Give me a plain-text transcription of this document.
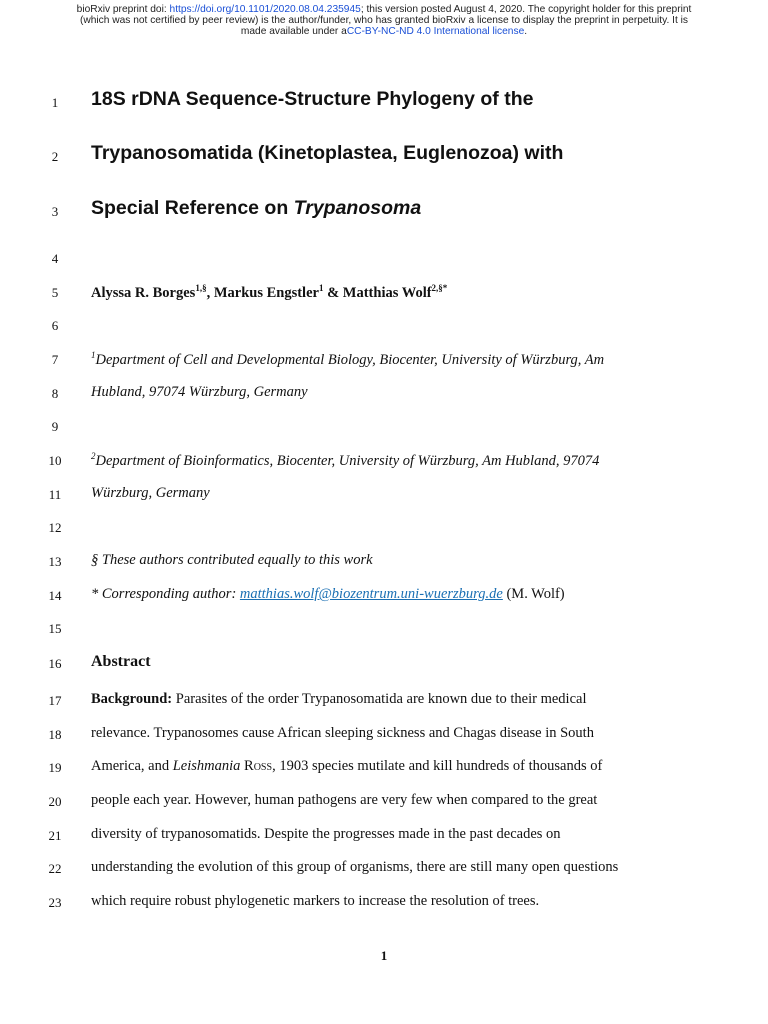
bioRxiv preprint doi: https://doi.org/10.1101/2020.08.04.235945; this version posted August 4, 2020. The copyright holder for this preprint
(which was not certified by peer review) is the author/funder, who has granted bioRxiv a license to display the preprint in perpetuity. It is
made available under aCC-BY-NC-ND 4.0 International license.
1
2
3
4
5
6
7
8
9
10
11
12
13
14
15
16
17
18
19
20
21
22
23
18S rDNA Sequence-Structure Phylogeny of the
Trypanosomatida (Kinetoplastea, Euglenozoa) with
Special Reference on Trypanosoma
Alyssa R. Borges$^{1,\S}$, Markus Engstler$^1$ & Matthias Wolf$^{2,\S*}$
$^1$Department of Cell and Developmental Biology, Biocenter, University of Würzburg, Am
Hubland, 97074 Würzburg, Germany
$^2$Department of Bioinformatics, Biocenter, University of Würzburg, Am Hubland, 97074
Würzburg, Germany
§ These authors contributed equally to this work
* Corresponding author: matthias.wolf@biozentrum.uni-wuerzburg.de (M. Wolf)
Abstract
Background: Parasites of the order Trypanosomatida are known due to their medical
relevance. Trypanosomes cause African sleeping sickness and Chagas disease in South
America, and Leishmania Ross, 1903 species mutilate and kill hundreds of thousands of
people each year. However, human pathogens are very few when compared to the great
diversity of trypanosomatids. Despite the progresses made in the past decades on
understanding the evolution of this group of organisms, there are still many open questions
which require robust phylogenetic markers to increase the resolution of trees.
1
